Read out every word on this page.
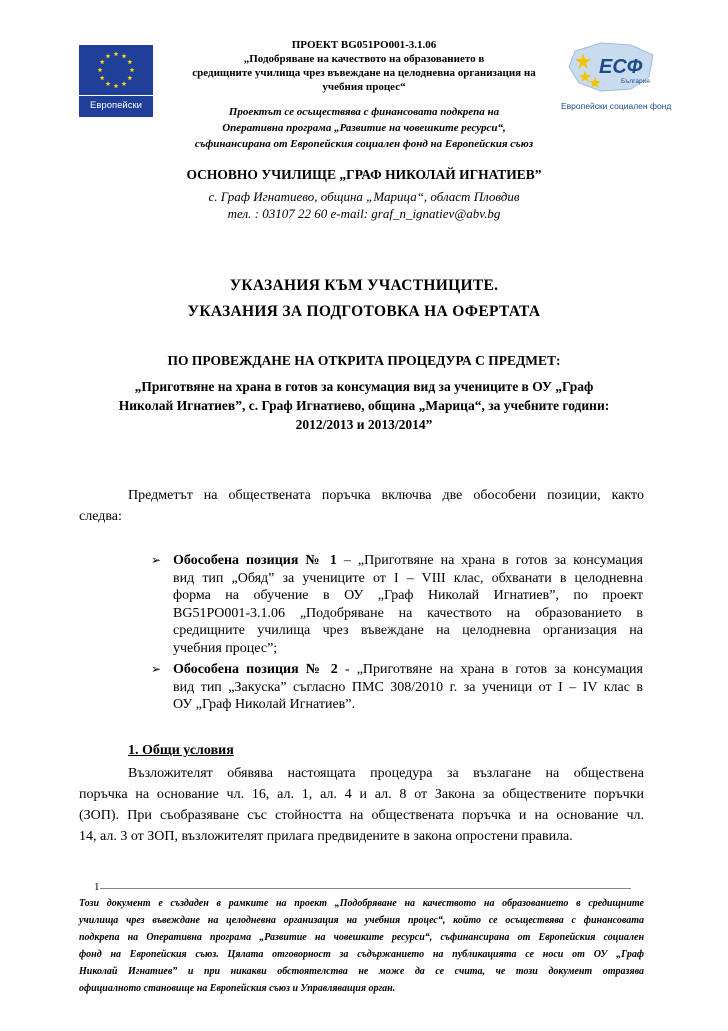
Европейски съюз
ЕСФ
България
Европейски социален фонд
ПРОЕКТ BG051PO001-3.1.06
„Подобряване на качеството на образованието в
средищните училища чрез въвеждане на целодневна организация на
учебния процес“
Проектът се осъществява с финансовата подкрепа на
Оперативна програма „Развитие на човешките ресурси“,
съфинансирана от Европейския социален фонд на Европейския съюз
ОСНОВНО УЧИЛИЩЕ „ГРАФ НИКОЛАЙ ИГНАТИЕВ”
с. Граф Игнатиево, община „Марица“, област Пловдив
тел. : 03107 22 60 e-mail: graf_n_ignatiev@abv.bg
УКАЗАНИЯ КЪМ УЧАСТНИЦИТЕ.
УКАЗАНИЯ ЗА ПОДГОТОВКА НА ОФЕРТАТА
ПО ПРОВЕЖДАНЕ НА ОТКРИТА ПРОЦЕДУРА С ПРЕДМЕТ:
„Приготвяне на храна в готов за консумация вид за учениците в ОУ „Граф
Николай Игнатиев”, с. Граф Игнатиево, община „Марица“, за учебните години:
2012/2013 и 2013/2014”
Предметът на обществената поръчка включва две обособени позиции, както
следва:
➢ Обособена позиция № 1 – „Приготвяне на храна в готов за консумация
вид тип „Обяд” за учениците от I – VIII клас, обхванати в целодневна
форма на обучение в ОУ „Граф Николай Игнатиев”, по проект
BG51PO001-3.1.06 „Подобряване на качеството на образованието в
средищните училища чрез въвеждане на целодневна организация на
учебния процес”;
➢ Обособена позиция № 2 - „Приготвяне на храна в готов за консумация
вид тип „Закуска” съгласно ПМС 308/2010 г. за ученици от I – IV клас в
ОУ „Граф Николай Игнатиев”.
1. Общи условия
Възложителят обявява настоящата процедура за възлагане на обществена
поръчка на основание чл. 16, ал. 1, ал. 4 и ал. 8 от Закона за обществените поръчки
(ЗОП). При съобразяване със стойността на обществената поръчка и на основание чл.
14, ал. 3 от ЗОП, възложителят прилага предвидените в закона опростени правила.
1
Този документ е създаден в рамките на проект „Подобряване на качеството на образованието в средищните
училища чрез въвеждане на целодневна организация на учебния процес“, който се осъществява с финансовата
подкрепа на Оперативна програма „Развитие на човешките ресурси“, съфинансирана от Европейския социален
фонд на Европейския съюз. Цялата отговорност за съдържанието на публикацията се носи от ОУ „Граф
Николай Игнатиев” и при никакви обстоятелства не може да се счита, че този документ отразява
официалното становище на Европейския съюз и Управляващия орган.
